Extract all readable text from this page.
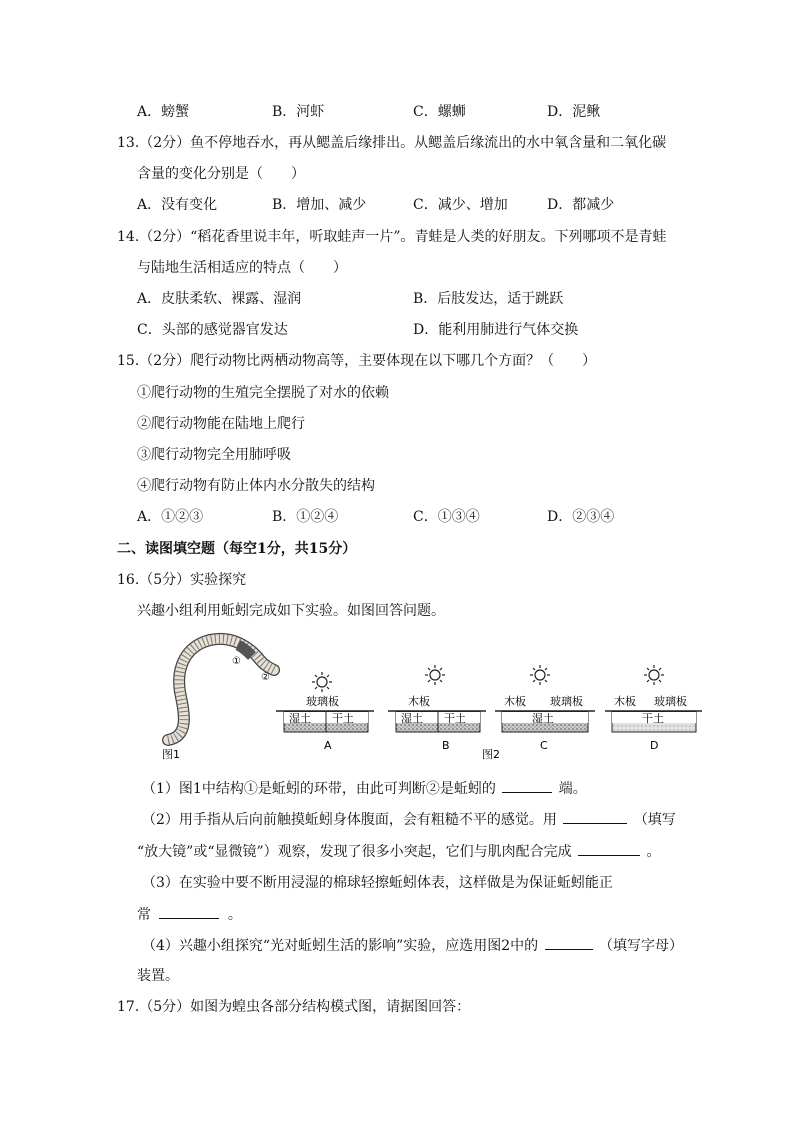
A．螃蟹	B．河虾	C．螺蛳	D．泥鳅
13.（2分）鱼不停地吞水，再从鳃盖后缘排出。从鳃盖后缘流出的水中氧含量和二氧化碳
含量的变化分别是（　　）
A．没有变化	B．增加、减少	C．减少、增加	D．都减少
14.（2分）“稻花香里说丰年，听取蛙声一片”。青蛙是人类的好朋友。下列哪项不是青蛙
与陆地生活相适应的特点（　　）
A．皮肤柔软、裸露、湿润	B．后肢发达，适于跳跃
C．头部的感觉器官发达	D．能利用肺进行气体交换
15.（2分）爬行动物比两栖动物高等，主要体现在以下哪几个方面？（　　）
①爬行动物的生殖完全摆脱了对水的依赖
②爬行动物能在陆地上爬行
③爬行动物完全用肺呼吸
④爬行动物有防止体内水分散失的结构
A．①②③	B．①②④	C．①③④	D．②③④
二、读图填空题（每空1分，共15分）
16.（5分）实验探究
兴趣小组利用蚯蚓完成如下实验。如图回答问题。
①
②
图1
玻璃板
湿土 干土
A
木板
湿土 干土
B
图2
木板 玻璃板
湿土
C
木板 玻璃板
干土
D
（1）图1中结构①是蚯蚓的环带，由此可判断②是蚯蚓的	端。
（2）用手指从后向前触摸蚯蚓身体腹面，会有粗糙不平的感觉。用	（填写
“放大镜”或“显微镜”）观察，发现了很多小突起，它们与肌肉配合完成	。
（3）在实验中要不断用浸湿的棉球轻擦蚯蚓体表，这样做是为保证蚯蚓能正
常	。
（4）兴趣小组探究“光对蚯蚓生活的影响”实验，应选用图2中的	（填写字母）
装置。
17.（5分）如图为蝗虫各部分结构模式图，请据图回答：
